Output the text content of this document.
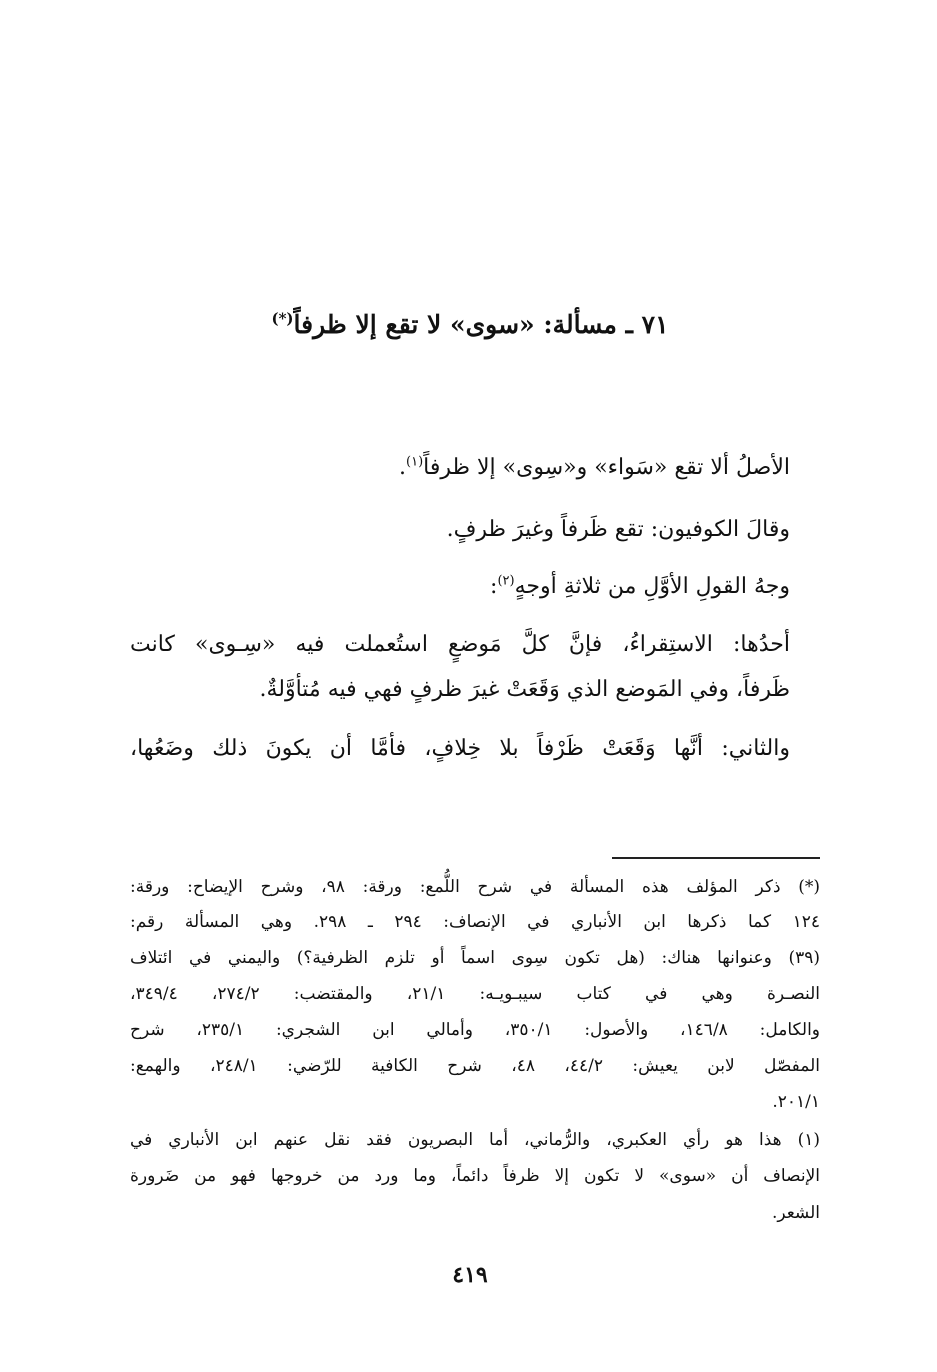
٧١ ـ مسألة: «سوى» لا تقع إلا ظرفاً(*)
الأصلُ ألا تقع «سَواء» و«سِوى» إلا ظرفاً$^{(١)}$.
وقالَ الكوفيون: تقع ظَرفاً وغيرَ ظرفٍ.
وجهُ القولِ الأوَّلِ من ثلاثةِ أوجهٍ$^{(٢)}$:
أحدُها: الاستِقراءُ، فإنَّ كلَّ مَوضعٍ استُعملت فيه «سِـوى» كانت
ظَرفاً، وفي المَوضع الذي وَقَعَتْ غيرَ ظرفٍ فهي فيه مُتأوَّلةٌ.
والثاني: أنَّها وَقَعَتْ ظَرْفاً بلا خِلافٍ، فأمَّا أن يكونَ ذلك وضَعُها،
(*) ذكر المؤلف هذه المسألة في شرح اللُّمع: ورقة: ٩٨، وشرح الإيضاح: ورقة:
١٢٤ كما ذكرها ابن الأنباري في الإنصاف: ٢٩٤ ـ ٢٩٨. وهي المسألة رقم:
(٣٩) وعنوانها هناك: (هل تكون سِوى اسماً أو تلزم الظرفية؟) واليمني في ائتلاف
النصـرة وهي في كتاب سيبـويـه: ٢١/١، والمقتضب: ٢٧٤/٢، ٣٤٩/٤،
والكامل: ١٤٦/٨، والأصول: ٣٥٠/١، وأمالي ابن الشجري: ٢٣٥/١، شرح
المفصّل لابن يعيش: ٤٤/٢، ٤٨، شرح الكافية للرّضي: ٢٤٨/١، والهمع:
٢٠١/١.
(١) هذا هو رأي العكبري، والرُّماني، أما البصريون فقد نقل عنهم ابن الأنباري في
الإنصاف أن «سوى» لا تكون إلا ظرفاً دائماً، وما ورد من خروجها فهو من ضَرورة
الشعر.
٤١٩
